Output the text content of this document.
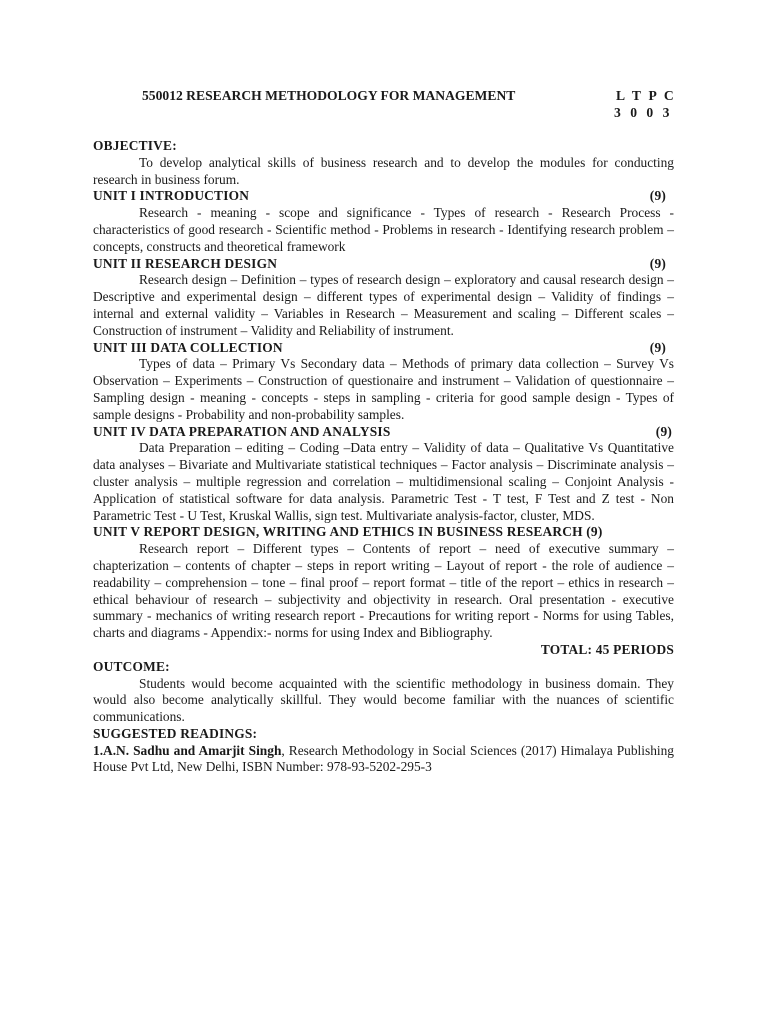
550012 RESEARCH METHODOLOGY FOR MANAGEMENT	L T P C
3 0 0 3
OBJECTIVE:

To develop analytical skills of business research and to develop the modules for conducting research in business forum.

UNIT I INTRODUCTION	(9)

Research - meaning - scope and significance - Types of research - Research Process - characteristics of good research - Scientific method - Problems in research - Identifying research problem – concepts, constructs and theoretical framework

UNIT II RESEARCH DESIGN	(9)

Research design – Definition – types of research design – exploratory and causal research design – Descriptive and experimental design – different types of experimental design – Validity of findings – internal and external validity – Variables in Research – Measurement and scaling – Different scales – Construction of instrument – Validity and Reliability of instrument.

UNIT III DATA COLLECTION	(9)

Types of data – Primary Vs Secondary data – Methods of primary data collection – Survey Vs Observation – Experiments – Construction of questionaire and instrument – Validation of questionnaire – Sampling design - meaning - concepts - steps in sampling - criteria for good sample design - Types of sample designs - Probability and non-probability samples.

UNIT IV DATA PREPARATION AND ANALYSIS	(9)

Data Preparation – editing – Coding –Data entry – Validity of data – Qualitative Vs Quantitative data analyses – Bivariate and Multivariate statistical techniques – Factor analysis – Discriminate analysis – cluster analysis – multiple regression and correlation – multidimensional scaling – Conjoint Analysis - Application of statistical software for data analysis. Parametric Test - T test, F Test and Z test - Non Parametric Test - U Test, Kruskal Wallis, sign test. Multivariate analysis-factor, cluster, MDS.

UNIT V REPORT DESIGN, WRITING AND ETHICS IN BUSINESS RESEARCH (9)

Research report – Different types – Contents of report – need of executive summary – chapterization – contents of chapter – steps in report writing – Layout of report - the role of audience – readability – comprehension – tone – final proof – report format – title of the report – ethics in research – ethical behaviour of research – subjectivity and objectivity in research. Oral presentation - executive summary - mechanics of writing research report - Precautions for writing report - Norms for using Tables, charts and diagrams - Appendix:- norms for using Index and Bibliography.

TOTAL: 45 PERIODS
OUTCOME:

Students would become acquainted with the scientific methodology in business domain. They would also become analytically skillful. They would become familiar with the nuances of scientific communications.

SUGGESTED READINGS:

1.A.N. Sadhu and Amarjit Singh, Research Methodology in Social Sciences (2017) Himalaya Publishing House Pvt Ltd, New Delhi, ISBN Number: 978-93-5202-295-3
